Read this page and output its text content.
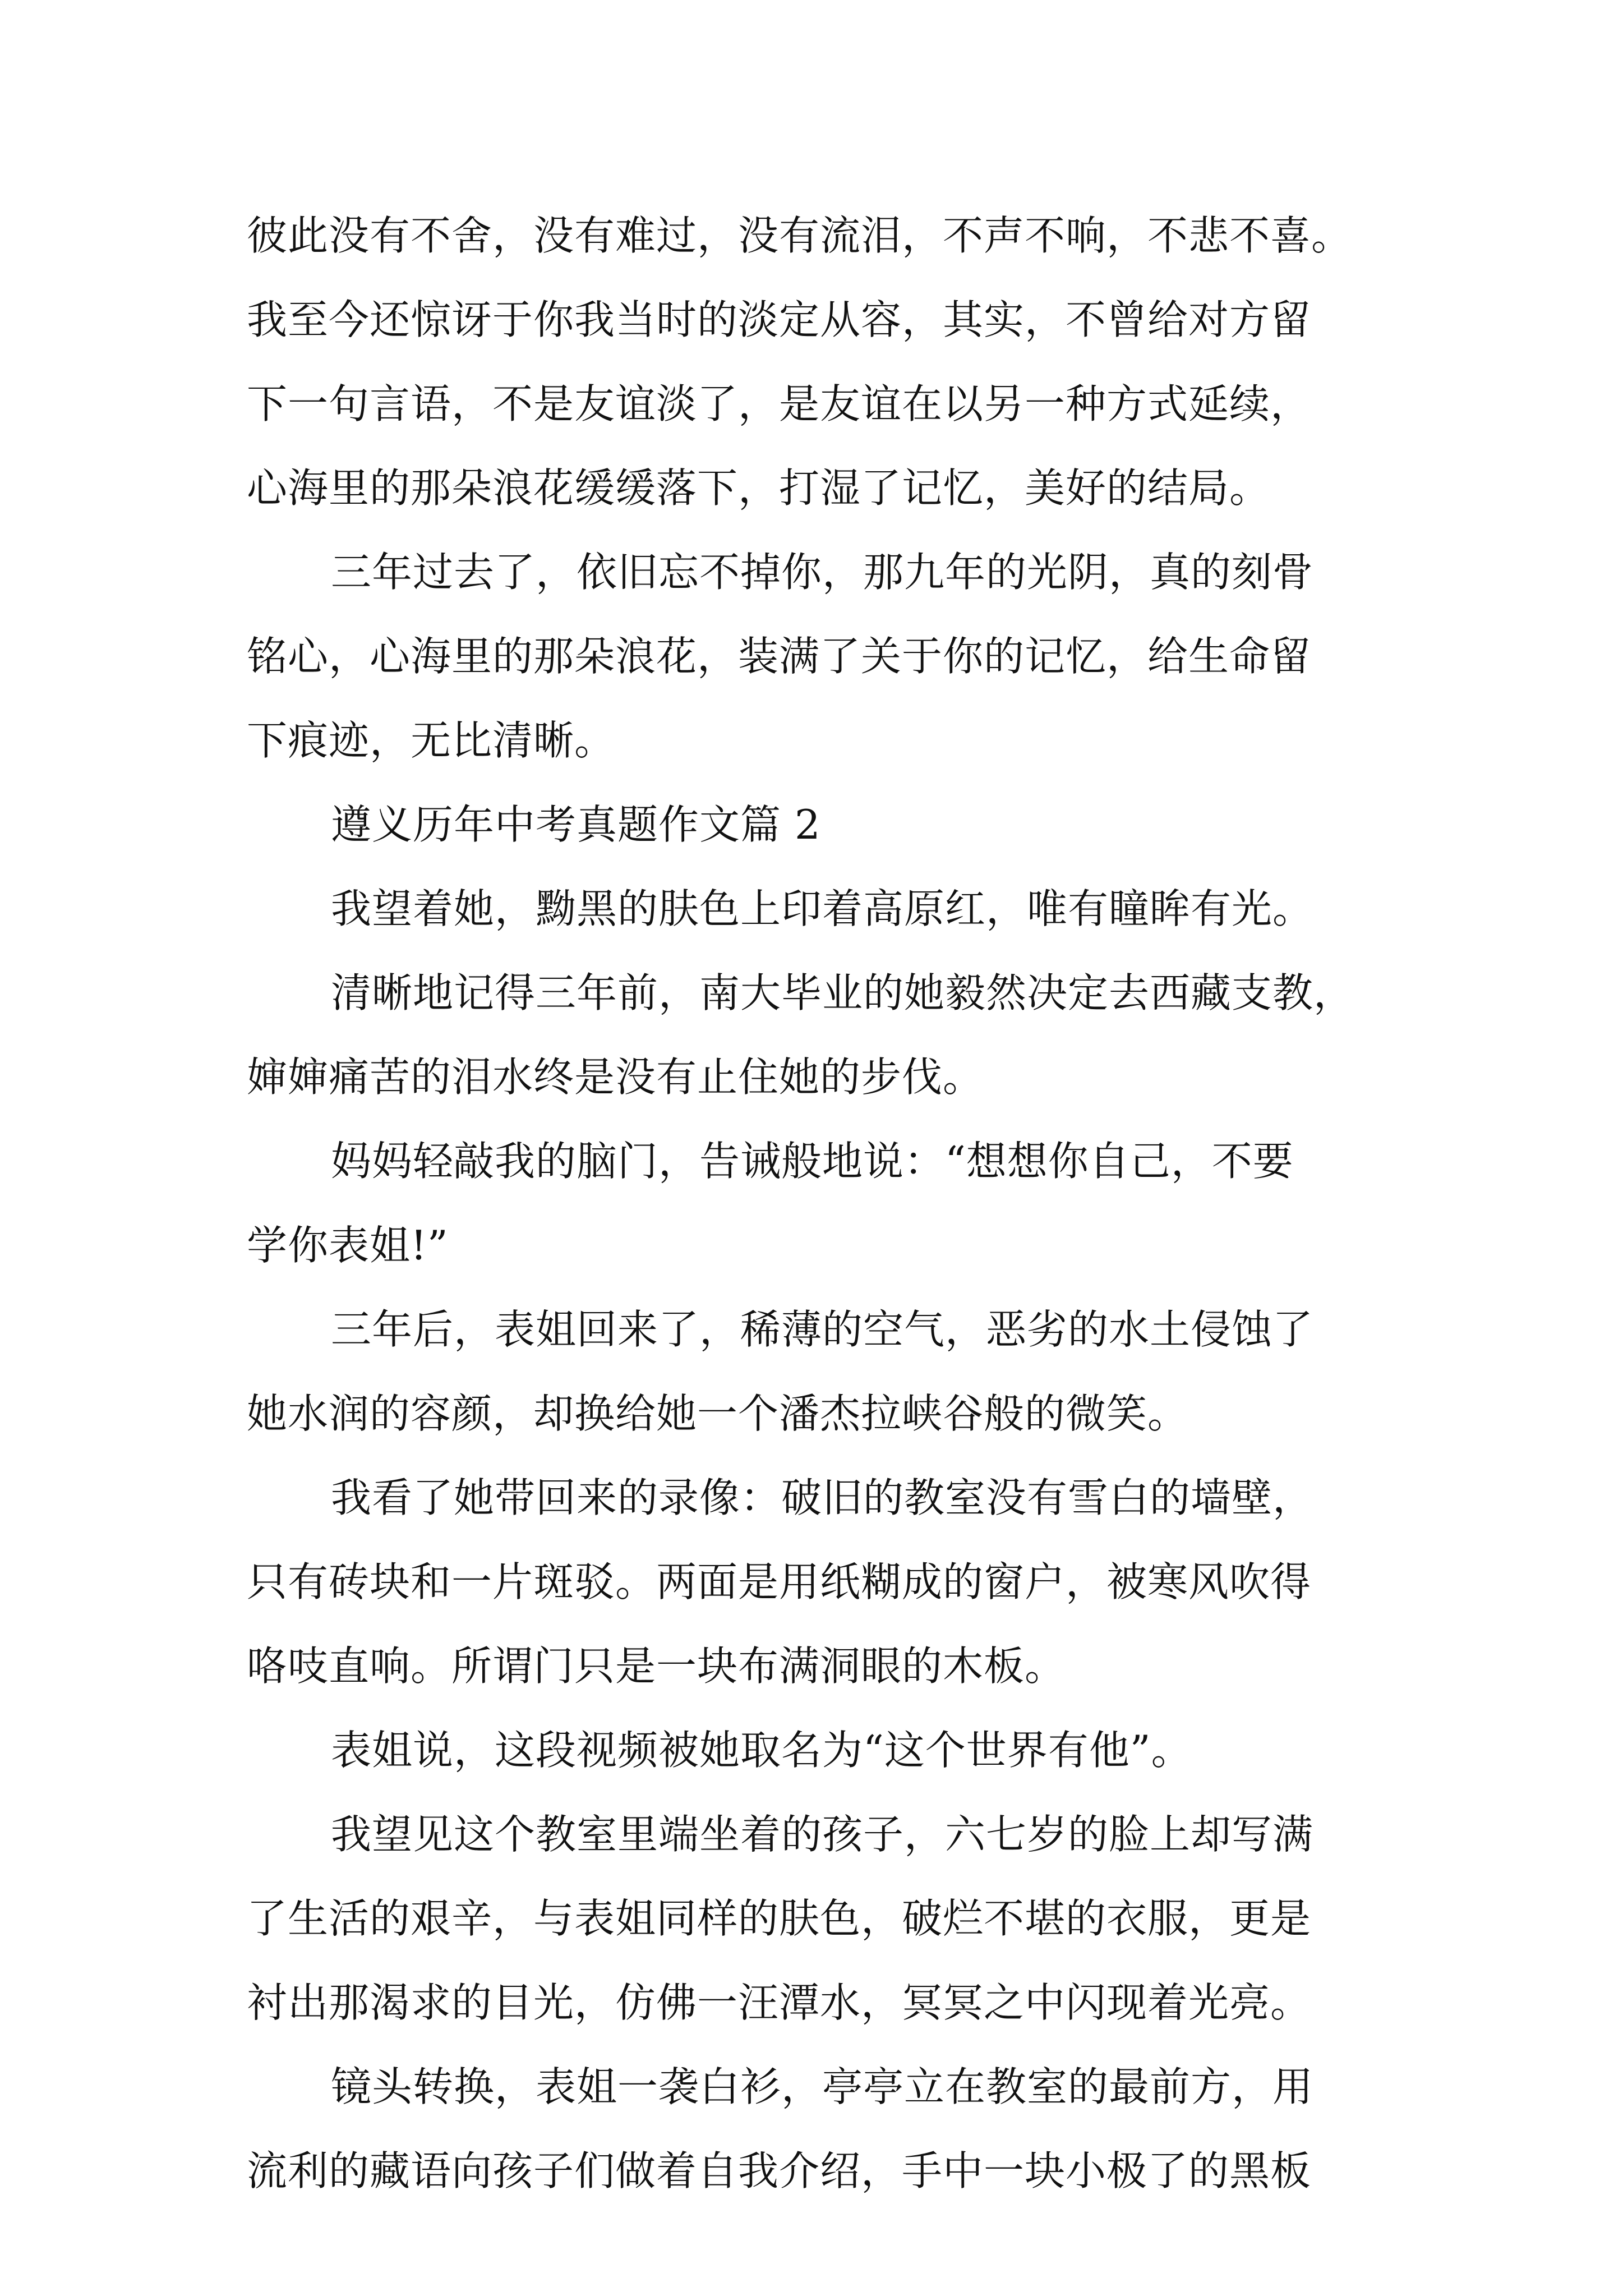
彼此没有不舍，没有难过，没有流泪，不声不响，不悲不喜。
我至今还惊讶于你我当时的淡定从容，其实，不曾给对方留
下一句言语，不是友谊淡了，是友谊在以另一种方式延续，
心海里的那朵浪花缓缓落下，打湿了记忆，美好的结局。
三年过去了，依旧忘不掉你，那九年的光阴，真的刻骨
铭心，心海里的那朵浪花，装满了关于你的记忆，给生命留
下痕迹，无比清晰。
遵义历年中考真题作文篇 2
我望着她，黝黑的肤色上印着高原红，唯有瞳眸有光。
清晰地记得三年前，南大毕业的她毅然决定去西藏支教，
婶婶痛苦的泪水终是没有止住她的步伐。
妈妈轻敲我的脑门，告诫般地说：“想想你自己，不要
学你表姐!”
三年后，表姐回来了，稀薄的空气，恶劣的水土侵蚀了
她水润的容颜，却换给她一个潘杰拉峡谷般的微笑。
我看了她带回来的录像：破旧的教室没有雪白的墙壁，
只有砖块和一片斑驳。两面是用纸糊成的窗户，被寒风吹得
咯吱直响。所谓门只是一块布满洞眼的木板。
表姐说，这段视频被她取名为“这个世界有他”。
我望见这个教室里端坐着的孩子，六七岁的脸上却写满
了生活的艰辛，与表姐同样的肤色，破烂不堪的衣服，更是
衬出那渴求的目光，仿佛一汪潭水，冥冥之中闪现着光亮。
镜头转换，表姐一袭白衫，亭亭立在教室的最前方，用
流利的藏语向孩子们做着自我介绍，手中一块小极了的黑板
